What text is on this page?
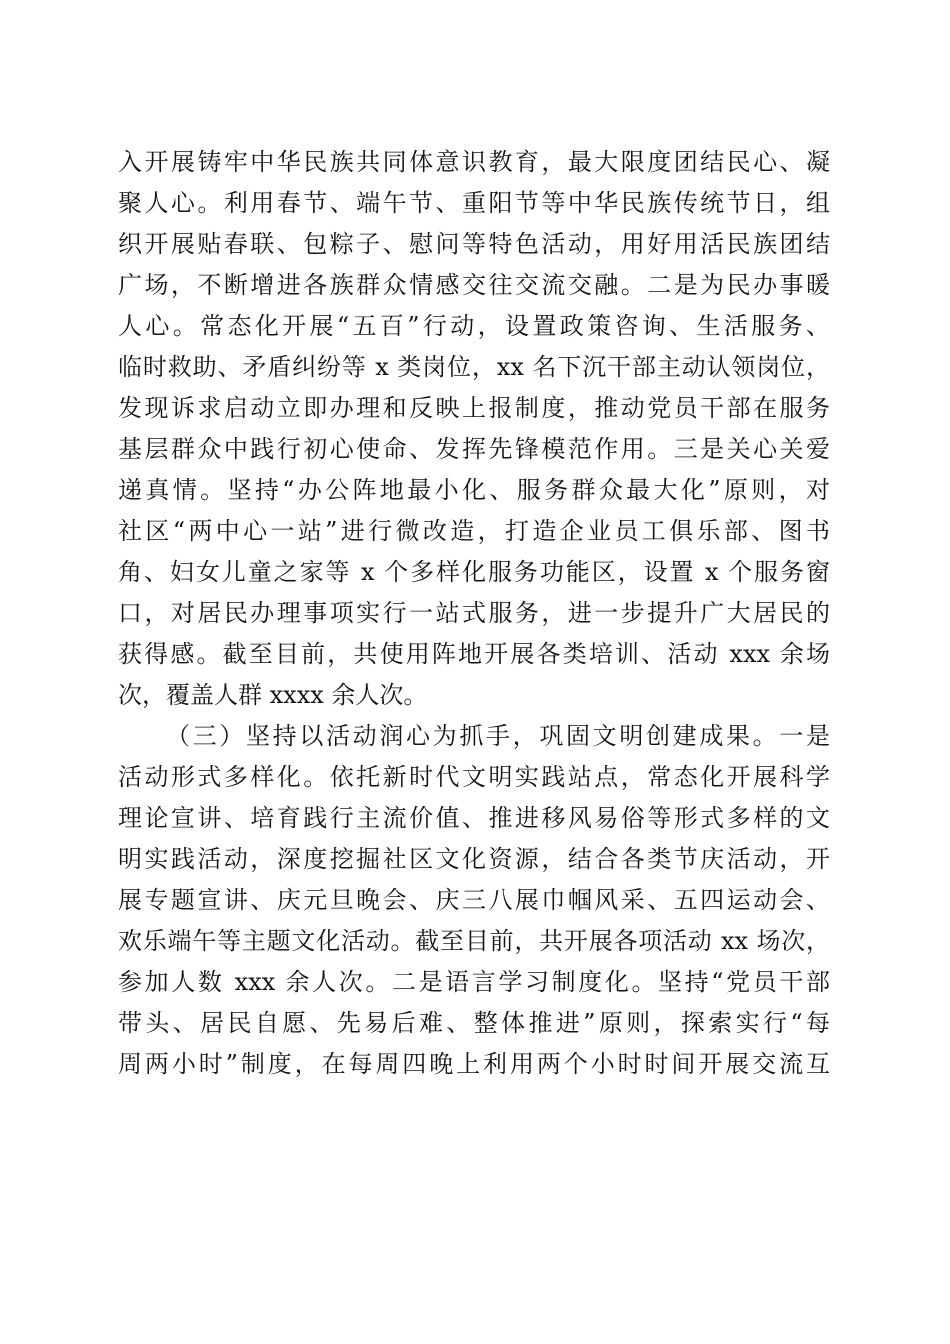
入开展铸牢中华民族共同体意识教育，最大限度团结民心、凝
聚人心。利用春节、端午节、重阳节等中华民族传统节日，组
织开展贴春联、包粽子、慰问等特色活动，用好用活民族团结
广场，不断增进各族群众情感交往交流交融。二是为民办事暖
人心。常态化开展“五百”行动，设置政策咨询、生活服务、
临时救助、矛盾纠纷等 x 类岗位，xx 名下沉干部主动认领岗位，
发现诉求启动立即办理和反映上报制度，推动党员干部在服务
基层群众中践行初心使命、发挥先锋模范作用。三是关心关爱
递真情。坚持“办公阵地最小化、服务群众最大化”原则，对
社区“两中心一站”进行微改造，打造企业员工俱乐部、图书
角、妇女儿童之家等 x 个多样化服务功能区，设置 x 个服务窗
口，对居民办理事项实行一站式服务，进一步提升广大居民的
获得感。截至目前，共使用阵地开展各类培训、活动 xxx 余场
次，覆盖人群 xxxx 余人次。
（三）坚持以活动润心为抓手，巩固文明创建成果。一是
活动形式多样化。依托新时代文明实践站点，常态化开展科学
理论宣讲、培育践行主流价值、推进移风易俗等形式多样的文
明实践活动，深度挖掘社区文化资源，结合各类节庆活动，开
展专题宣讲、庆元旦晚会、庆三八展巾帼风采、五四运动会、
欢乐端午等主题文化活动。截至目前，共开展各项活动 xx 场次，
参加人数 xxx 余人次。二是语言学习制度化。坚持“党员干部
带头、居民自愿、先易后难、整体推进”原则，探索实行“每
周两小时”制度，在每周四晚上利用两个小时时间开展交流互
